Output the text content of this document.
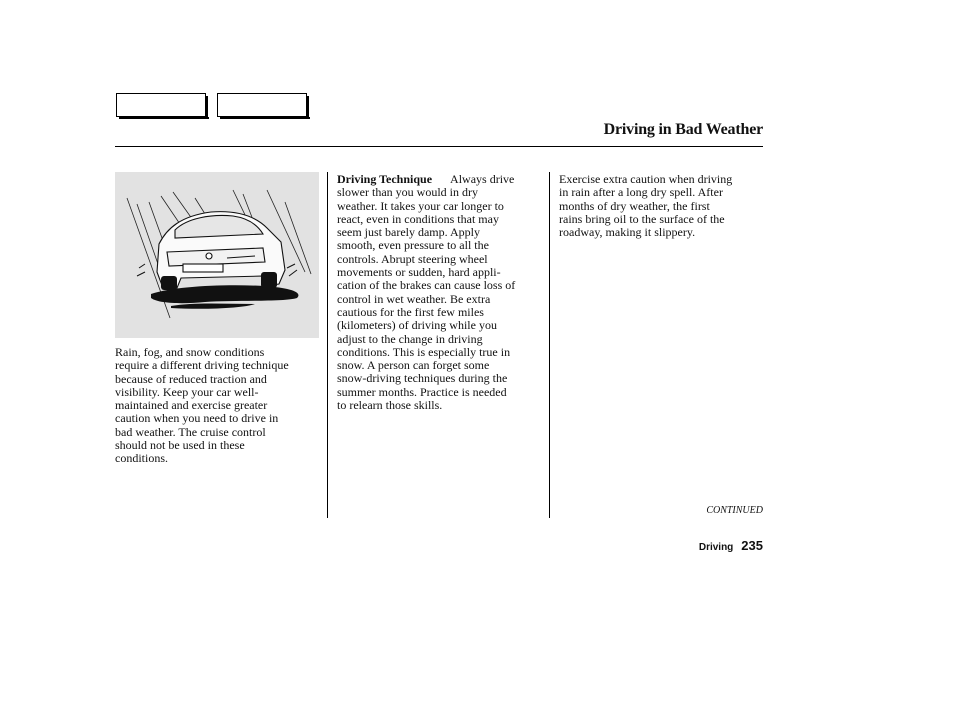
Driving in Bad Weather

Rain, fog, and snow conditions
require a different driving technique
because of reduced traction and
visibility. Keep your car well-
maintained and exercise greater
caution when you need to drive in
bad weather. The cruise control
should not be used in these
conditions.

Driving Technique Always drive

slower than you would in dry
weather. It takes your car longer to
react, even in conditions that may
seem just barely damp. Apply
smooth, even pressure to all the
controls. Abrupt steering wheel
movements or sudden, hard appli-
cation of the brakes can cause loss of
control in wet weather. Be extra
cautious for the first few miles
(kilometers) of driving while you
adjust to the change in driving
conditions. This is especially true in
snow. A person can forget some
snow-driving techniques during the
summer months. Practice is needed
to relearn those skills.

Exercise extra caution when driving
in rain after a long dry spell. After
months of dry weather, the first
rains bring oil to the surface of the
roadway, making it slippery.

CONTINUED
Driving 235
